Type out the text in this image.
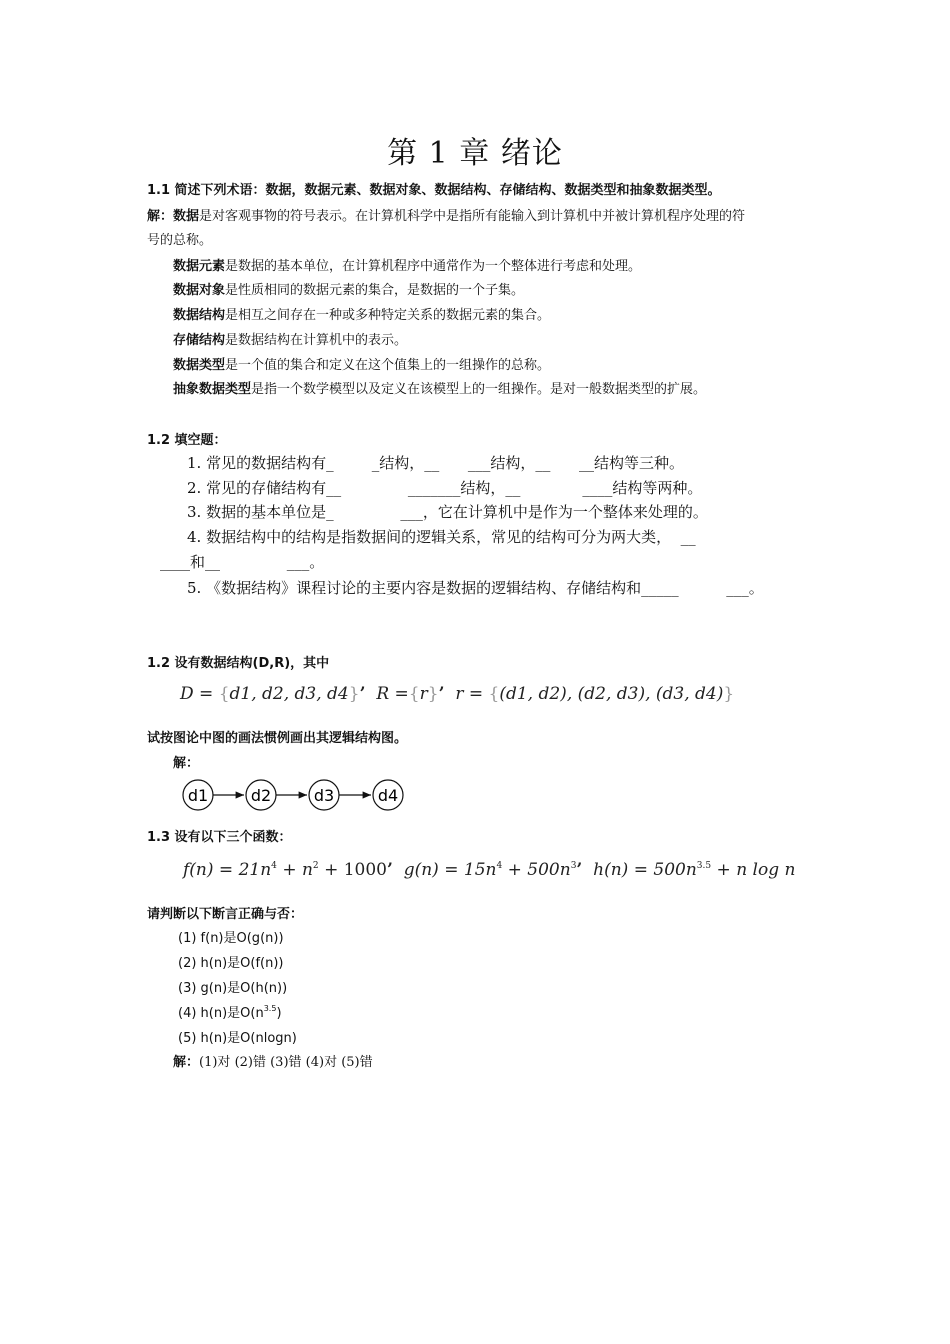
第 1 章 绪论
1.1 简述下列术语：数据，数据元素、数据对象、数据结构、存储结构、数据类型和抽象数据类型。
解：数据是对客观事物的符号表示。在计算机科学中是指所有能输入到计算机中并被计算机程序处理的符
号的总称。
数据元素是数据的基本单位，在计算机程序中通常作为一个整体进行考虑和处理。
数据对象是性质相同的数据元素的集合，是数据的一个子集。
数据结构是相互之间存在一种或多种特定关系的数据元素的集合。
存储结构是数据结构在计算机中的表示。
数据类型是一个值的集合和定义在这个值集上的一组操作的总称。
抽象数据类型是指一个数学模型以及定义在该模型上的一组操作。是对一般数据类型的扩展。
1.2 填空题：
1. 常见的数据结构有_        _结构，__      ___结构，__      __结构等三种。
2. 常见的存储结构有__              _______结构，__             ____结构等两种。
3. 数据的基本单位是_              ___，它在计算机中是作为一个整体来处理的。
4. 数据结构中的结构是指数据间的逻辑关系，常见的结构可分为两大类，  __
____和__              ___。
5. 《数据结构》课程讨论的主要内容是数据的逻辑结构、存储结构和_____          ___。
1.2 设有数据结构(D,R)，其中
D = {d1, d2, d3, d4}’ R ={r}’ r = {(d1, d2), (d2, d3), (d3, d4)}
试按图论中图的画法惯例画出其逻辑结构图。
解：
d1	d2	d3	d4
1.3 设有以下三个函数：
$f(n) = 21n^4 + n^2 + 1000$’ $g(n) = 15n^4 + 500n^3$’ $h(n) = 500n^{3.5} + n$ log n
请判断以下断言正确与否：
(1) f(n)是O(g(n))
(2) h(n)是O(f(n))
(3) g(n)是O(h(n))
(4) h(n)是$O(n^{3.5})$
(5) h(n)是O(nlogn)
解：(1)对 (2)错 (3)错 (4)对 (5)错
